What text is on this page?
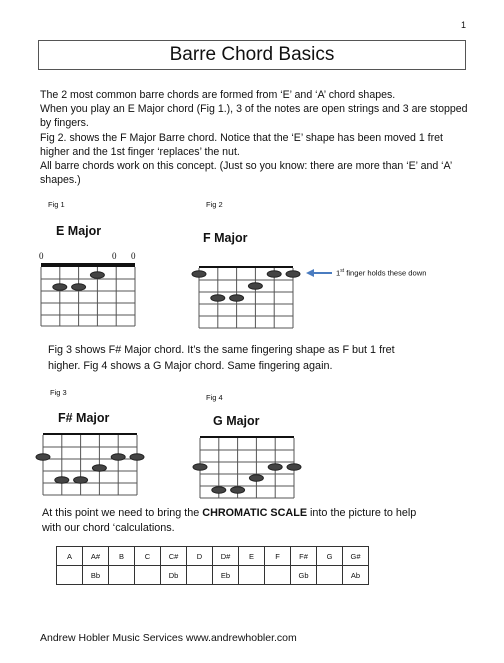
1
Barre Chord Basics

The 2 most common barre chords are formed from ‘E’ and ‘A’ chord shapes.

When you play an E Major chord (Fig 1.), 3 of the notes are open strings and 3 are stopped by fingers.

Fig 2. shows the F Major Barre chord. Notice that the ‘E’ shape has been moved 1 fret higher and the 1st finger ‘replaces’ the nut.

All barre chords work on this concept. (Just so you know: there are more than ‘E’ and ‘A’ shapes.)

Fig 1
E Major
0	0 0
Fig 2
F Major
1st finger holds these down

Fig 3 shows F# Major chord. It’s the same fingering shape as F but 1 fret

higher. Fig 4 shows a G Major chord. Same fingering again.

Fig 3
F# Major
Fig 4
G Major

At this point we need to bring the CHROMATIC SCALE into the picture to help

with our chord ‘calculations.

A	A#	B	C	C#	D	D#	E	F	F#	G	G#
	Bb			Db		Eb			Gb		Ab
Andrew Hobler Music Services www.andrewhobler.com
